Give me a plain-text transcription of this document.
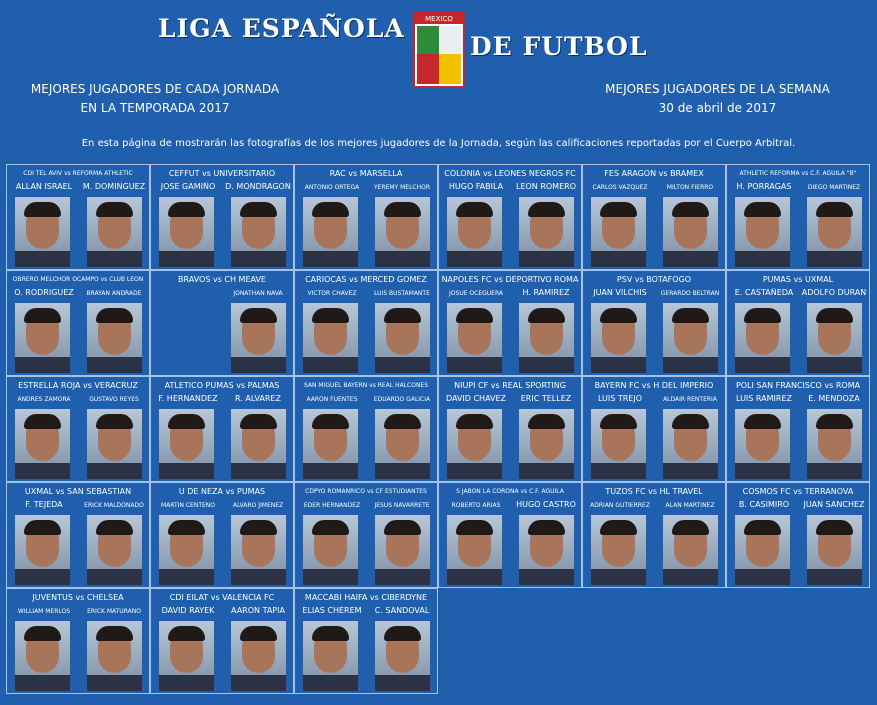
LIGA ESPAÑOLA	MEXICO
DE FUTBOL
MEJORES JUGADORES DE CADA JORNADA
EN LA TEMPORADA 2017
MEJORES JUGADORES DE LA SEMANA
30 de abril de 2017
En esta página de mostrarán las fotografías de los mejores jugadores de la Jornada, según las calificaciones reportadas por el Cuerpo Arbitral.
CDI TEL AVIV vs REFORMA ATHLETIC
ALLAN ISRAEL	M. DOMINGUEZ
CEFFUT vs UNIVERSITARIO
JOSE GAMIÑO	D. MONDRAGON
RAC vs MARSELLA
ANTONIO ORTEGA	YEREMY MELCHOR
COLONIA vs LEONES NEGROS FC
HUGO FABILA	LEON ROMERO
FES ARAGON vs BRAMEX
CARLOS VAZQUEZ	MILTON FIERRO
ATHLETIC REFORMA vs C.F. AGUILA "B"
H. PORRAGAS	DIEGO MARTINEZ
OBRERO MELCHOR OCAMPO vs CLUB LEON
O. RODRIGUEZ	BRAYAN ANDRADE
BRAVOS vs CH MEAVE
JONATHAN NAVA
CARIOCAS vs MERCED GOMEZ
VICTOR CHAVEZ	LUIS BUSTAMANTE
NAPOLES FC vs DEPORTIVO ROMA
JOSUE OCEGUERA	H. RAMIREZ
PSV vs BOTAFOGO
JUAN VILCHIS	GERARDO BELTRAN
PUMAS vs UXMAL
E. CASTAÑEDA	ADOLFO DURAN
ESTRELLA ROJA vs VERACRUZ
ANDRES ZAMORA	GUSTAVO REYES
ATLETICO PUMAS vs PALMAS
F. HERNANDEZ	R. ALVAREZ
SAN MIGUEL BAYERN vs REAL HALCONES
AARON FUENTES	EDUARDO GALICIA
NIUPI CF vs REAL SPORTING
DAVID CHAVEZ	ERIC TELLEZ
BAYERN FC vs H DEL IMPERIO
LUIS TREJO	ALDAIR RENTERIA
POLI SAN FRANCISCO vs ROMA
LUIS RAMIREZ	E. MENDOZA
UXMAL vs SAN SEBASTIAN
F. TEJEDA	ERICK MALDONADO
U DE NEZA vs PUMAS
MARTIN CENTENO	ALVARO JIMENEZ
CDPYO ROMANRICO vs CF ESTUDIANTES
EDER HERNANDEZ	JESUS NAVARRETE
S JABON LA CORONA vs C.F. AGUILA
ROBERTO ARIAS	HUGO CASTRO
TUZOS FC vs HL TRAVEL
ADRIAN GUTIERREZ	ALAN MARTINEZ
COSMOS FC vs TERRANOVA
B. CASIMIRO	JUAN SANCHEZ
JUVENTUS vs CHELSEA
WILLIAM MERLOS	ERICK MATURANO
CDI EILAT vs VALENCIA FC
DAVID RAYEK	AARON TAPIA
MACCABI HAIFA vs CIBERDYNE
ELIAS CHEREM	C. SANDOVAL
